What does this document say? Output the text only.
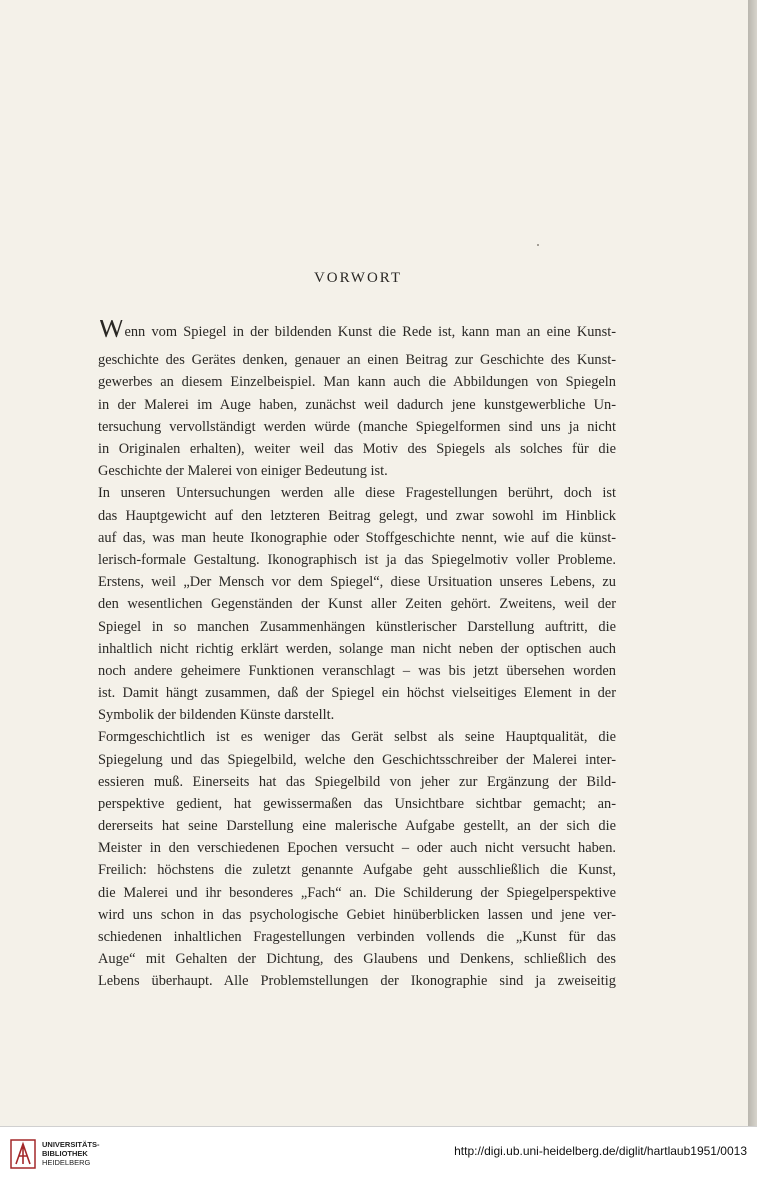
VORWORT
Wenn vom Spiegel in der bildenden Kunst die Rede ist, kann man an eine Kunst-
geschichte des Gerätes denken, genauer an einen Beitrag zur Geschichte des Kunst-
gewerbes an diesem Einzelbeispiel. Man kann auch die Abbildungen von Spiegeln
in der Malerei im Auge haben, zunächst weil dadurch jene kunstgewerbliche Un-
tersuchung vervollständigt werden würde (manche Spiegelformen sind uns ja nicht
in Originalen erhalten), weiter weil das Motiv des Spiegels als solches für die
Geschichte der Malerei von einiger Bedeutung ist.
In unseren Untersuchungen werden alle diese Fragestellungen berührt, doch ist
das Hauptgewicht auf den letzteren Beitrag gelegt, und zwar sowohl im Hinblick
auf das, was man heute Ikonographie oder Stoffgeschichte nennt, wie auf die künst-
lerisch-formale Gestaltung. Ikonographisch ist ja das Spiegelmotiv voller Probleme.
Erstens, weil „Der Mensch vor dem Spiegel“, diese Ursituation unseres Lebens, zu
den wesentlichen Gegenständen der Kunst aller Zeiten gehört. Zweitens, weil der
Spiegel in so manchen Zusammenhängen künstlerischer Darstellung auftritt, die
inhaltlich nicht richtig erklärt werden, solange man nicht neben der optischen auch
noch andere geheimere Funktionen veranschlagt – was bis jetzt übersehen worden
ist. Damit hängt zusammen, daß der Spiegel ein höchst vielseitiges Element in der
Symbolik der bildenden Künste darstellt.
Formgeschichtlich ist es weniger das Gerät selbst als seine Hauptqualität, die
Spiegelung und das Spiegelbild, welche den Geschichtsschreiber der Malerei inter-
essieren muß. Einerseits hat das Spiegelbild von jeher zur Ergänzung der Bild-
perspektive gedient, hat gewissermaßen das Unsichtbare sichtbar gemacht; an-
dererseits hat seine Darstellung eine malerische Aufgabe gestellt, an der sich die
Meister in den verschiedenen Epochen versucht – oder auch nicht versucht haben.
Freilich: höchstens die zuletzt genannte Aufgabe geht ausschließlich die Kunst,
die Malerei und ihr besonderes „Fach“ an. Die Schilderung der Spiegelperspektive
wird uns schon in das psychologische Gebiet hinüberblicken lassen und jene ver-
schiedenen inhaltlichen Fragestellungen verbinden vollends die „Kunst für das
Auge“ mit Gehalten der Dichtung, des Glaubens und Denkens, schließlich des
Lebens überhaupt. Alle Problemstellungen der Ikonographie sind ja zweiseitig
UNIVERSITÄTS-
BIBLIOTHEK
HEIDELBERG
http://digi.ub.uni-heidelberg.de/diglit/hartlaub1951/0013
